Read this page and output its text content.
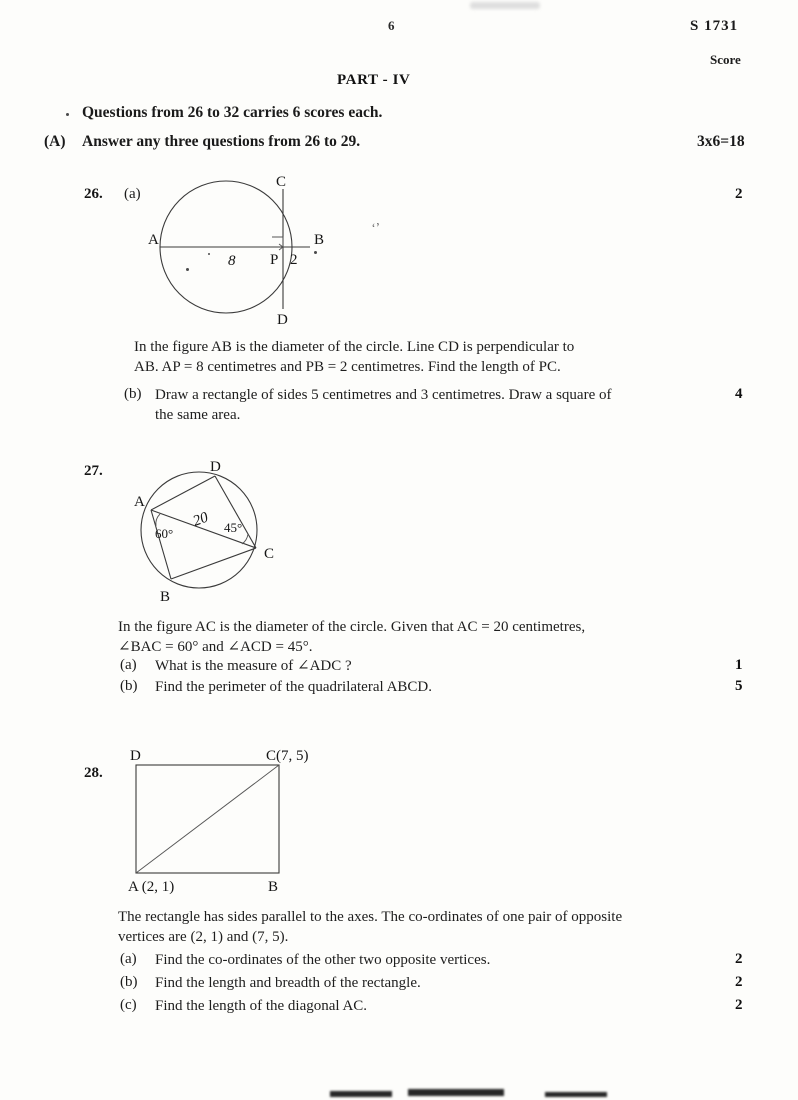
6	S 1731
Score
PART - IV
Questions from 26 to 32 carries 6 scores each.
(A) Answer any three questions from 26 to 29.	3x6=18
26. (a)	2
‘’
A	B
C
D
P
8	2
In the figure AB is the diameter of the circle. Line CD is perpendicular to
AB. AP = 8 centimetres and PB = 2 centimetres. Find the length of PC.
(b)	4
Draw a rectangle of sides 5 centimetres and 3 centimetres. Draw a square of
the same area.
27.
A
B
C
D
60°
20 45°
In the figure AC is the diameter of the circle. Given that AC = 20 centimetres,
∠BAC = 60° and ∠ACD = 45°.
(a) What is the measure of ∠ADC ?	1
(b) Find the perimeter of the quadrilateral ABCD.	5
28.
D	C(7, 5)
A (2, 1)	B
The rectangle has sides parallel to the axes. The co-ordinates of one pair of opposite
vertices are (2, 1) and (7, 5).
(a) Find the co-ordinates of the other two opposite vertices.	2
(b) Find the length and breadth of the rectangle.	2
(c) Find the length of the diagonal AC.	2
